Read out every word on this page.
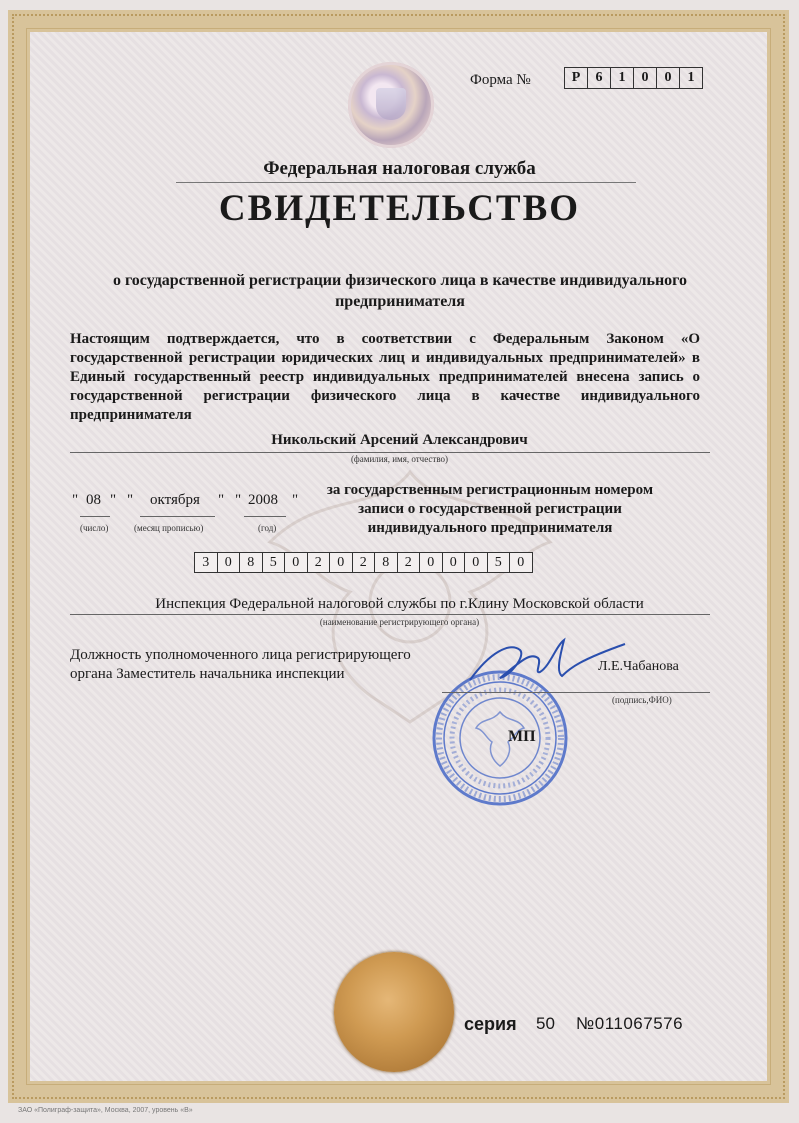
Форма №	Р	6	1	0	0	1
Федеральная налоговая служба
СВИДЕТЕЛЬСТВО
о государственной регистрации физического лица в качестве индивидуального предпринимателя
Настоящим подтверждается, что в соответствии с Федеральным Законом «О государственной регистрации юридических лиц и индивидуальных предпринимателей» в Единый государственный реестр индивидуальных предпринимателей внесена запись о государственной регистрации физического лица в качестве индивидуального предпринимателя
Никольский Арсений Александрович
(фамилия, имя, отчество)
" 08 " " октября " " 2008 "
(число)	(месяц прописью)	(год)
за государственным регистрационным номером записи о государственной регистрации индивидуального предпринимателя
3	0	8	5	0	2	0	2	8	2	0	0	0	5	0
Инспекция Федеральной налоговой службы по г.Клину Московской области
(наименование регистрирующего органа)
Должность уполномоченного лица регистрирующего органа Заместитель начальника инспекции
МП
Л.Е.Чабанова
(подпись,ФИО)
серия 50 №011067576
ЗАО «Полиграф-защита», Москва, 2007, уровень «В»
